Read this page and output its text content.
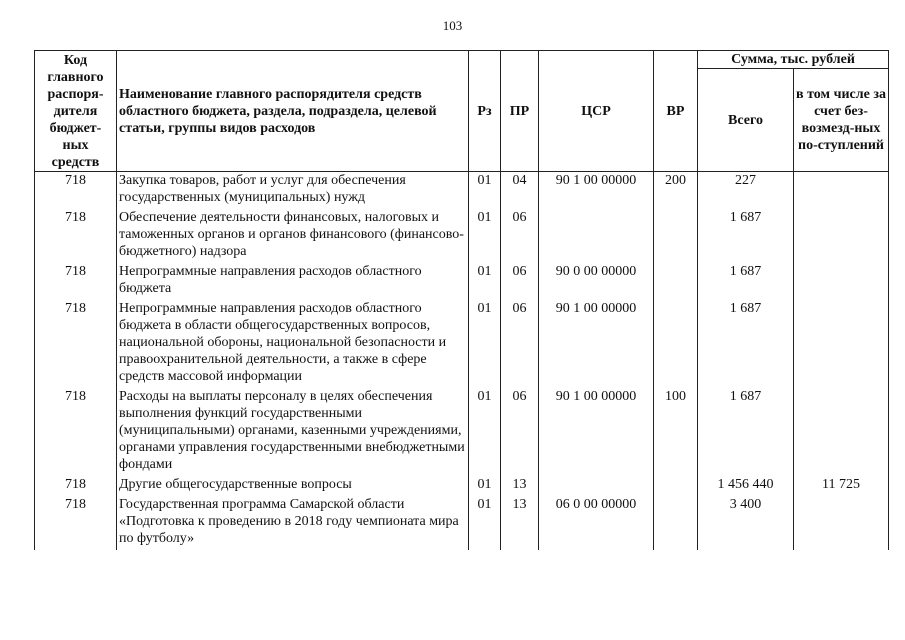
103
Код главного распоря-дителя бюджет-ных средств	Наименование главного распорядителя средств областного бюджета, раздела, подраздела, целевой статьи, группы видов расходов	Рз	ПР	ЦСР	ВР	Сумма, тыс. рублей	
						Всего	в том числе за счет без-возмезд-ных по-ступлений
718	Закупка товаров, работ и услуг для обеспечения государственных (муниципальных) нужд	01	04	90 1 00 00000	200	227	
718	Обеспечение деятельности финансовых, налоговых и таможенных органов и органов финансового (финансово-бюджетного) надзора	01	06			1 687	
718	Непрограммные направления расходов областного бюджета	01	06	90 0 00 00000		1 687	
718	Непрограммные направления расходов областного бюджета в области общегосударственных вопросов, национальной обороны, национальной безопасности и правоохранительной деятельности, а также в сфере средств массовой информации	01	06	90 1 00 00000		1 687	
718	Расходы на выплаты персоналу в целях обеспечения выполнения функций государственными (муниципальными) органами, казенными учреждениями, органами управления государственными внебюджетными фондами	01	06	90 1 00 00000	100	1 687	
718	Другие общегосударственные вопросы	01	13			1 456 440	11 725
718	Государственная программа Самарской области «Подготовка к проведению в 2018 году чемпионата мира по футболу»	01	13	06 0 00 00000		3 400	
